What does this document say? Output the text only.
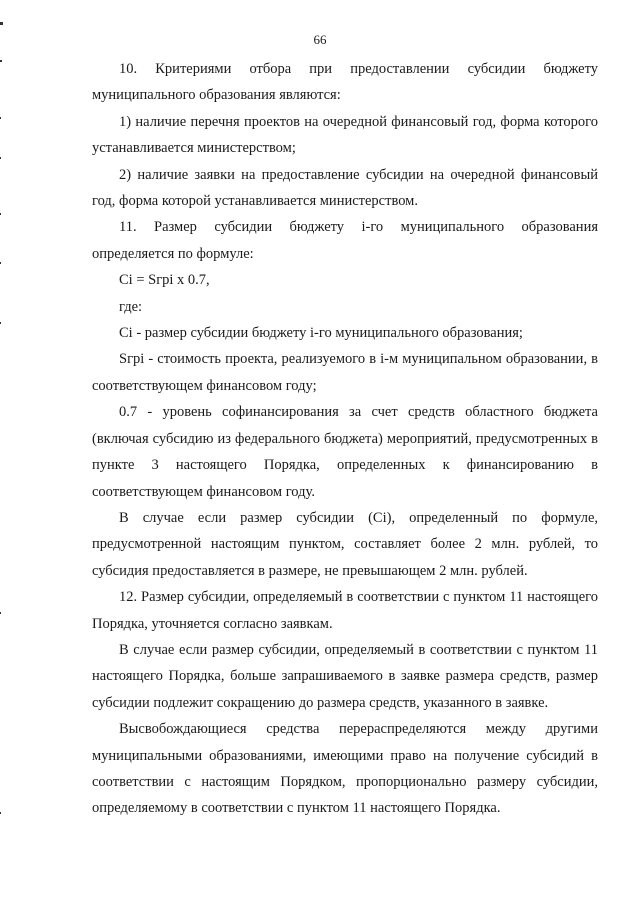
66

10. Критериями отбора при предоставлении субсидии бюджету муниципального образования являются:

1) наличие перечня проектов на очередной финансовый год, форма которого устанавливается министерством;

2) наличие заявки на предоставление субсидии на очередной финансовый год, форма которой устанавливается министерством.

11. Размер субсидии бюджету i-го муниципального образования определяется по формуле:

Ci = Sгpi x 0.7,

где:

Ci - размер субсидии бюджету i-го муниципального образования;

Sгpi - стоимость проекта, реализуемого в i-м муниципальном образовании, в соответствующем финансовом году;

0.7 - уровень софинансирования за счет средств областного бюджета (включая субсидию из федерального бюджета) мероприятий, предусмотренных в пункте 3 настоящего Порядка, определенных к финансированию в соответствующем финансовом году.

В случае если размер субсидии (Ci), определенный по формуле, предусмотренной настоящим пунктом, составляет более 2 млн. рублей, то субсидия предоставляется в размере, не превышающем 2 млн. рублей.

12. Размер субсидии, определяемый в соответствии с пунктом 11 настоящего Порядка, уточняется согласно заявкам.

В случае если размер субсидии, определяемый в соответствии с пунктом 11 настоящего Порядка, больше запрашиваемого в заявке размера средств, размер субсидии подлежит сокращению до размера средств, указанного в заявке.

Высвобождающиеся средства перераспределяются между другими муниципальными образованиями, имеющими право на получение субсидий в соответствии с настоящим Порядком, пропорционально размеру субсидии, определяемому в соответствии с пунктом 11 настоящего Порядка.
